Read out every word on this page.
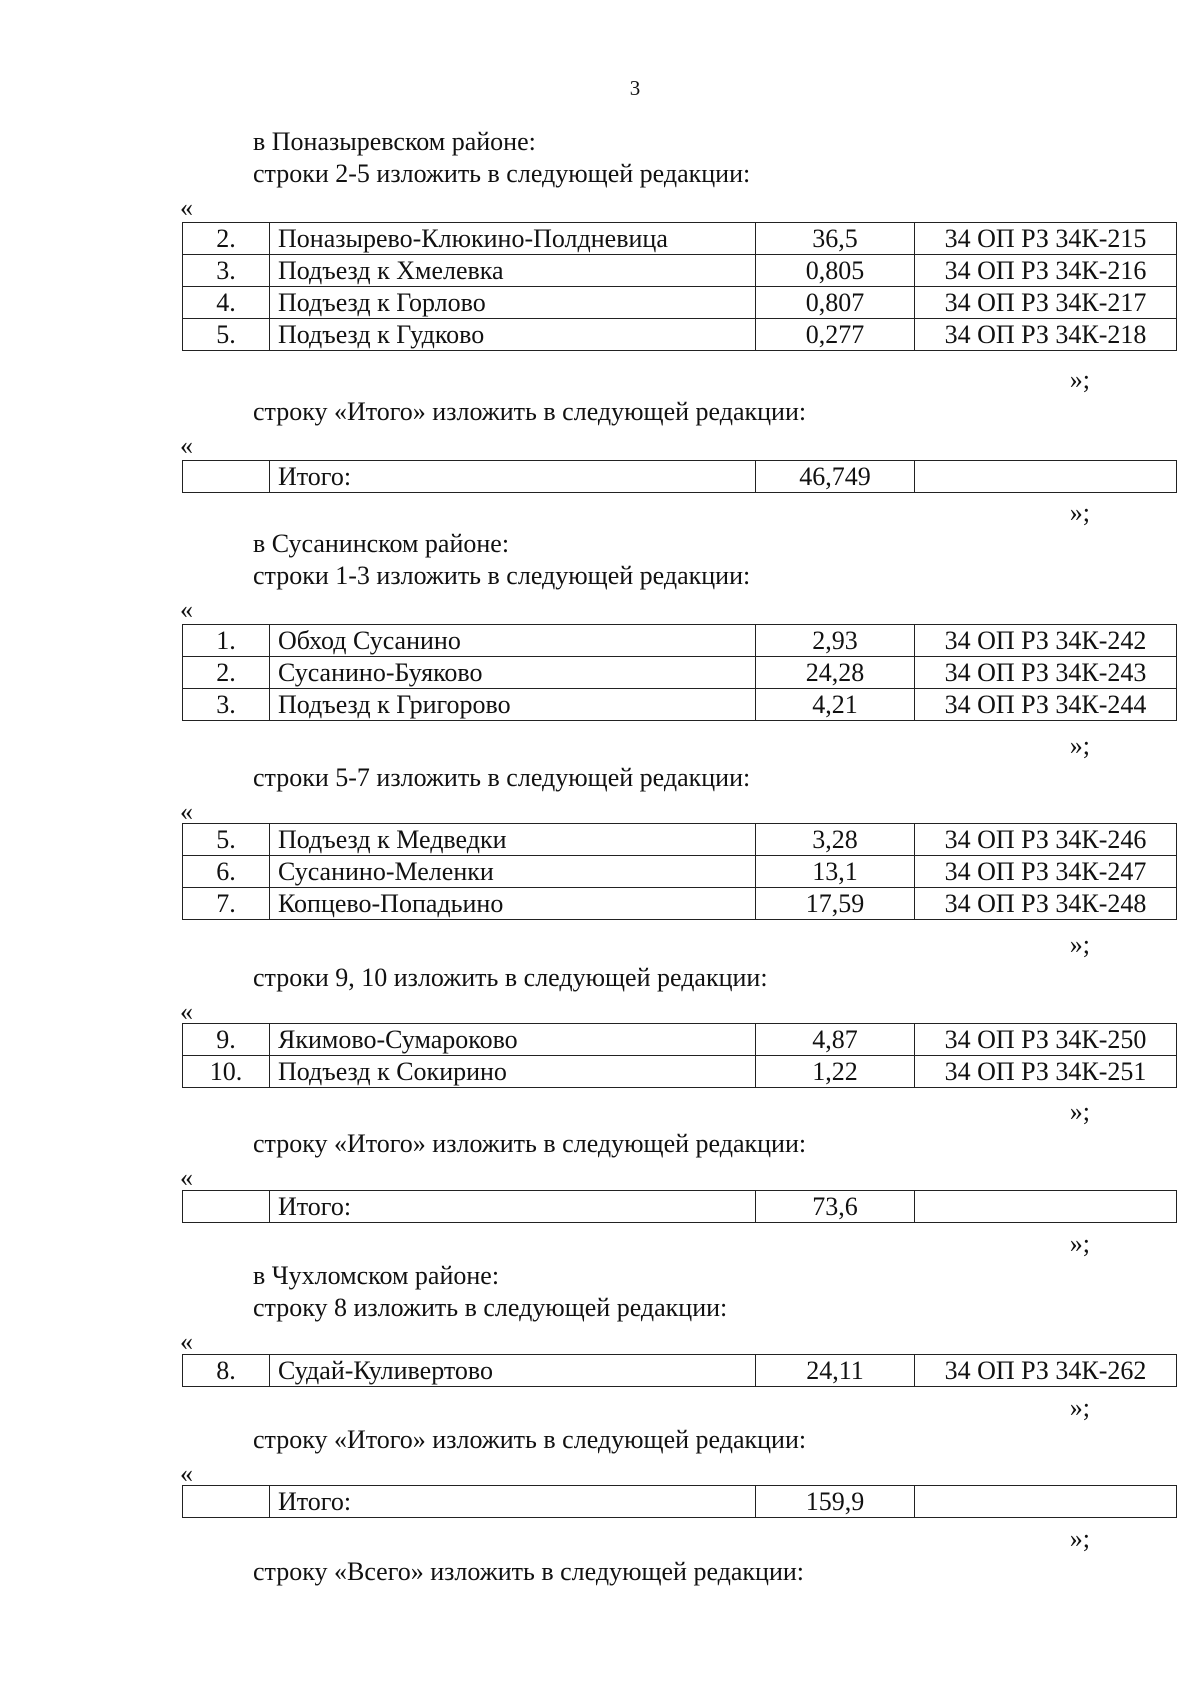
3
в Поназыревском районе:
строки 2-5 изложить в следующей редакции:
«
2.	Поназырево-Клюкино-Полдневица	36,5	34 ОП РЗ 34К-215
3.	Подъезд к Хмелевка	0,805	34 ОП РЗ 34К-216
4.	Подъезд к Горлово	0,807	34 ОП РЗ 34К-217
5.	Подъезд к Гудково	0,277	34 ОП РЗ 34К-218
»;
строку «Итого» изложить в следующей редакции:
«
	Итого:	46,749	
»;
в Сусанинском районе:
строки 1-3 изложить в следующей редакции:
«
1.	Обход Сусанино	2,93	34 ОП РЗ 34К-242
2.	Сусанино-Буяково	24,28	34 ОП РЗ 34К-243
3.	Подъезд к Григорово	4,21	34 ОП РЗ 34К-244
»;
строки 5-7 изложить в следующей редакции:
«
5.	Подъезд к Медведки	3,28	34 ОП РЗ 34К-246
6.	Сусанино-Меленки	13,1	34 ОП РЗ 34К-247
7.	Копцево-Попадьино	17,59	34 ОП РЗ 34К-248
»;
строки 9, 10 изложить в следующей редакции:
«
9.	Якимово-Сумароково	4,87	34 ОП РЗ 34К-250
10.	Подъезд к Сокирино	1,22	34 ОП РЗ 34К-251
»;
строку «Итого» изложить в следующей редакции:
«
	Итого:	73,6	
»;
в Чухломском районе:
строку 8 изложить в следующей редакции:
«
8.	Судай-Куливертово	24,11	34 ОП РЗ 34К-262
»;
строку «Итого» изложить в следующей редакции:
«
	Итого:	159,9	
»;
строку «Всего» изложить в следующей редакции:
